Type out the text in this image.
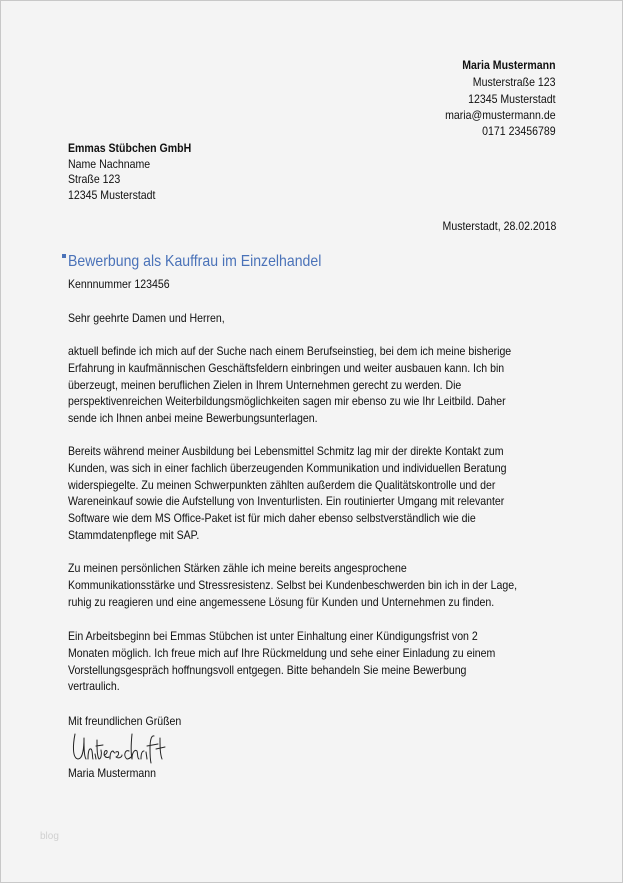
Maria Mustermann
Musterstraße 123
12345 Musterstadt
maria@mustermann.de
0171 23456789
Emmas Stübchen GmbH
Name Nachname
Straße 123
12345 Musterstadt
Musterstadt, 28.02.2018
Bewerbung als Kauffrau im Einzelhandel
Kennnummer 123456
Sehr geehrte Damen und Herren,
aktuell befinde ich mich auf der Suche nach einem Berufseinstieg, bei dem ich meine bisherige
Erfahrung in kaufmännischen Geschäftsfeldern einbringen und weiter ausbauen kann. Ich bin
überzeugt, meinen beruflichen Zielen in Ihrem Unternehmen gerecht zu werden. Die
perspektivenreichen Weiterbildungsmöglichkeiten sagen mir ebenso zu wie Ihr Leitbild. Daher
sende ich Ihnen anbei meine Bewerbungsunterlagen.
Bereits während meiner Ausbildung bei Lebensmittel Schmitz lag mir der direkte Kontakt zum
Kunden, was sich in einer fachlich überzeugenden Kommunikation und individuellen Beratung
widerspiegelte. Zu meinen Schwerpunkten zählten außerdem die Qualitätskontrolle und der
Wareneinkauf sowie die Aufstellung von Inventurlisten. Ein routinierter Umgang mit relevanter
Software wie dem MS Office-Paket ist für mich daher ebenso selbstverständlich wie die
Stammdatenpflege mit SAP.
Zu meinen persönlichen Stärken zähle ich meine bereits angesprochene
Kommunikationsstärke und Stressresistenz. Selbst bei Kundenbeschwerden bin ich in der Lage,
ruhig zu reagieren und eine angemessene Lösung für Kunden und Unternehmen zu finden.
Ein Arbeitsbeginn bei Emmas Stübchen ist unter Einhaltung einer Kündigungsfrist von 2
Monaten möglich. Ich freue mich auf Ihre Rückmeldung und sehe einer Einladung zu einem
Vorstellungsgespräch hoffnungsvoll entgegen. Bitte behandeln Sie meine Bewerbung
vertraulich.
Mit freundlichen Grüßen
Maria Mustermann
blog
